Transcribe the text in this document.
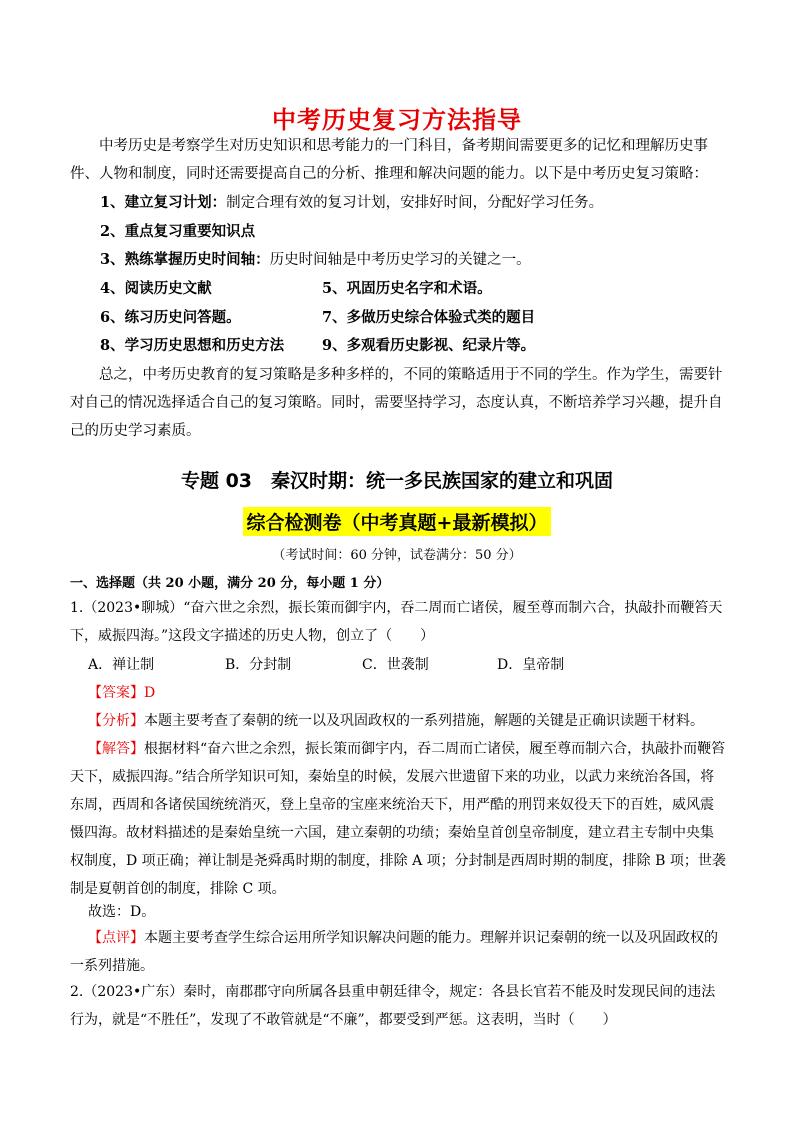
中考历史复习方法指导
中考历史是考察学生对历史知识和思考能力的一门科目，备考期间需要更多的记忆和理解历史事件、人物和制度，同时还需要提高自己的分析、推理和解决问题的能力。以下是中考历史复习策略：
1、建立复习计划：制定合理有效的复习计划，安排好时间，分配好学习任务。
2、重点复习重要知识点
3、熟练掌握历史时间轴：历史时间轴是中考历史学习的关键之一。
4、阅读历史文献	5、巩固历史名字和术语。
6、练习历史问答题。	7、多做历史综合体验式类的题目
8、学习历史思想和历史方法	9、多观看历史影视、纪录片等。
总之，中考历史教育的复习策略是多种多样的，不同的策略适用于不同的学生。作为学生，需要针对自己的情况选择适合自己的复习策略。同时，需要坚持学习，态度认真，不断培养学习兴趣，提升自己的历史学习素质。
专题 03　秦汉时期：统一多民族国家的建立和巩固
综合检测卷（中考真题+最新模拟）
（考试时间：60 分钟，试卷满分：50 分）
一、选择题（共 20 小题，满分 20 分，每小题 1 分）
1.（2023•聊城）“奋六世之余烈，振长策而御宇内，吞二周而亡诸侯，履至尊而制六合，执敲扑而鞭笞天下，威振四海。”这段文字描述的历史人物，创立了（　　）
A．禅让制	B．分封制	C．世袭制	D．皇帝制
【答案】D
【分析】本题主要考查了秦朝的统一以及巩固政权的一系列措施，解题的关键是正确识读题干材料。
【解答】根据材料“奋六世之余烈，振长策而御宇内，吞二周而亡诸侯，履至尊而制六合，执敲扑而鞭笞天下，威振四海。”结合所学知识可知，秦始皇的时候，发展六世遗留下来的功业，以武力来统治各国，将东周，西周和各诸侯国统统消灭，登上皇帝的宝座来统治天下，用严酷的刑罚来奴役天下的百姓，威风震慑四海。故材料描述的是秦始皇统一六国，建立秦朝的功绩；秦始皇首创皇帝制度，建立君主专制中央集权制度，D 项正确；禅让制是尧舜禹时期的制度，排除 A 项；分封制是西周时期的制度，排除 B 项；世袭制是夏朝首创的制度，排除 C 项。
故选：D。
【点评】本题主要考查学生综合运用所学知识解决问题的能力。理解并识记秦朝的统一以及巩固政权的一系列措施。
2.（2023•广东）秦时，南郡郡守向所属各县重申朝廷律令，规定：各县长官若不能及时发现民间的违法行为，就是“不胜任”，发现了不敢管就是“不廉”，都要受到严惩。这表明，当时（　　）
